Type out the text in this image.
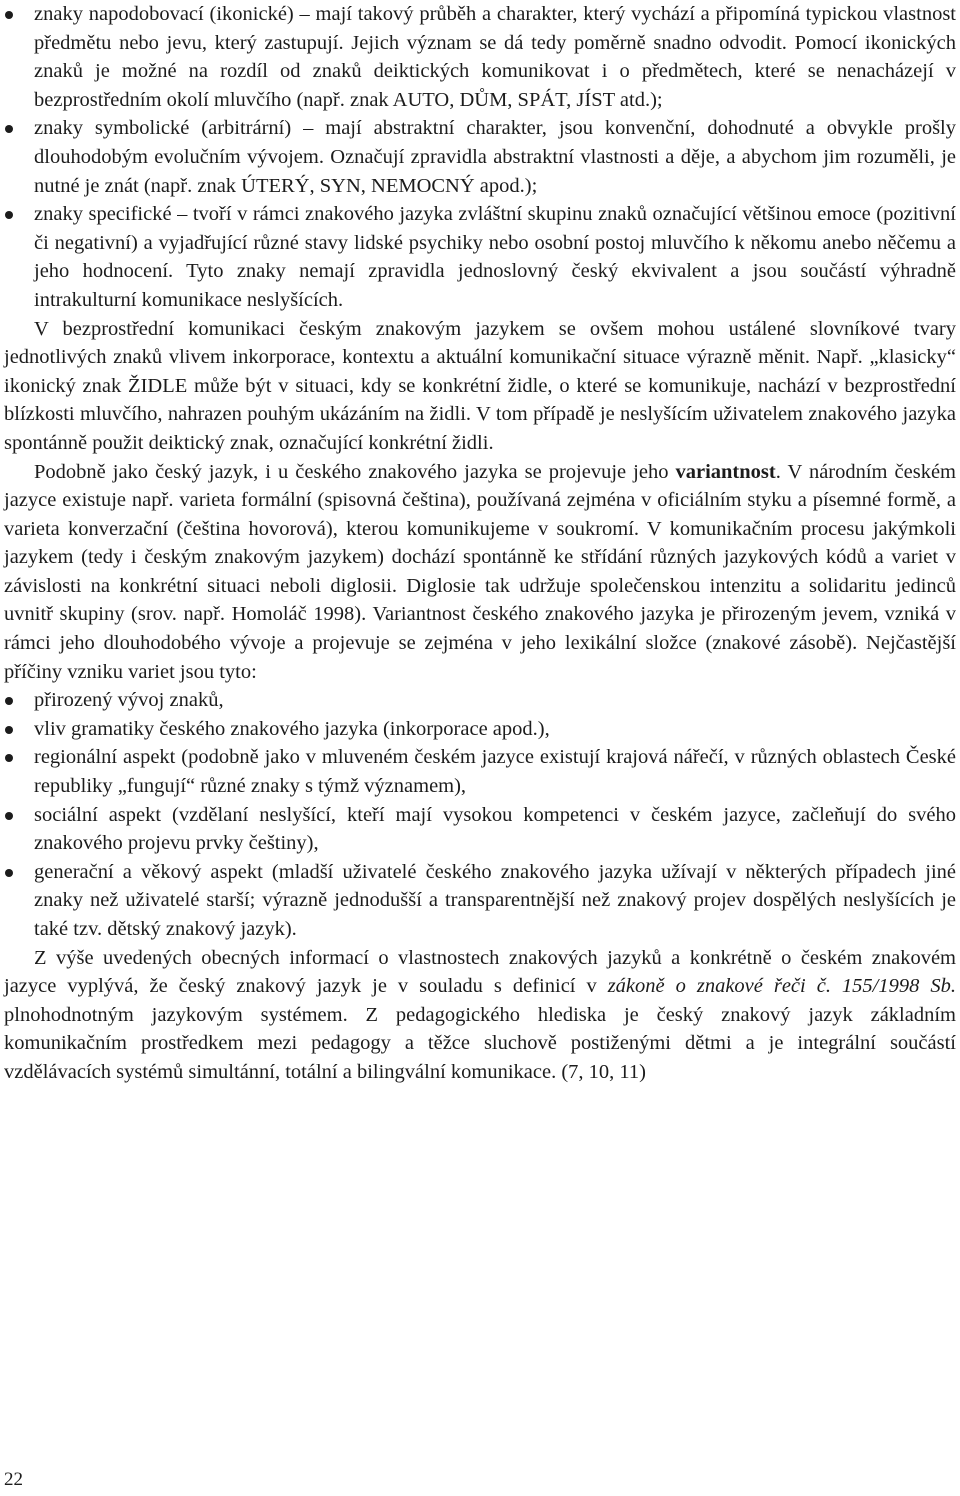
znaky napodobovací (ikonické) – mají takový průběh a charakter, který vychází a připomíná typickou vlastnost předmětu nebo jevu, který zastupují. Jejich význam se dá tedy poměrně snadno odvodit. Pomocí ikonických znaků je možné na rozdíl od znaků deiktických komunikovat i o předmětech, které se nenacházejí v bezprostředním okolí mluvčího (např. znak AUTO, DŮM, SPÁT, JÍST atd.);

znaky symbolické (arbitrární) – mají abstraktní charakter, jsou konvenční, dohodnuté a obvykle prošly dlouhodobým evolučním vývojem. Označují zpravidla abstraktní vlastnosti a děje, a abychom jim rozuměli, je nutné je znát (např. znak ÚTERÝ, SYN, NEMOCNÝ apod.);

znaky specifické – tvoří v rámci znakového jazyka zvláštní skupinu znaků označující většinou emoce (pozitivní či negativní) a vyjadřující různé stavy lidské psychiky nebo osobní postoj mluvčího k někomu anebo něčemu a jeho hodnocení. Tyto znaky nemají zpravidla jednoslovný český ekvivalent a jsou součástí výhradně intrakulturní komunikace neslyšících.

V bezprostřední komunikaci českým znakovým jazykem se ovšem mohou ustálené slovníkové tvary jednotlivých znaků vlivem inkorporace, kontextu a aktuální komunikační situace výrazně měnit. Např. „klasicky“ ikonický znak ŽIDLE může být v situaci, kdy se konkrétní židle, o které se komunikuje, nachází v bezprostřední blízkosti mluvčího, nahrazen pouhým ukázáním na židli. V tom případě je neslyšícím uživatelem znakového jazyka spontánně použit deiktický znak, označující konkrétní židli.

Podobně jako český jazyk, i u českého znakového jazyka se projevuje jeho variantnost. V národním českém jazyce existuje např. varieta formální (spisovná čeština), používaná zejména v oficiálním styku a písemné formě, a varieta konverzační (čeština hovorová), kterou komunikujeme v soukromí. V komunikačním procesu jakýmkoli jazykem (tedy i českým znakovým jazykem) dochází spontánně ke střídání různých jazykových kódů a variet v závislosti na konkrétní situaci neboli diglosii. Diglosie tak udržuje společenskou intenzitu a solidaritu jedinců uvnitř skupiny (srov. např. Homoláč 1998). Variantnost českého znakového jazyka je přirozeným jevem, vzniká v rámci jeho dlouhodobého vývoje a projevuje se zejména v jeho lexikální složce (znakové zásobě). Nejčastější příčiny vzniku variet jsou tyto:

přirozený vývoj znaků,

vliv gramatiky českého znakového jazyka (inkorporace apod.),

regionální aspekt (podobně jako v mluveném českém jazyce existují krajová nářečí, v různých oblastech České republiky „fungují“ různé znaky s týmž významem),

sociální aspekt (vzdělaní neslyšící, kteří mají vysokou kompetenci v českém jazyce, začleňují do svého znakového projevu prvky češtiny),

generační a věkový aspekt (mladší uživatelé českého znakového jazyka užívají v některých případech jiné znaky než uživatelé starší; výrazně jednodušší a transparentnější než znakový projev dospělých neslyšících je také tzv. dětský znakový jazyk).

Z výše uvedených obecných informací o vlastnostech znakových jazyků a konkrétně o českém znakovém jazyce vyplývá, že český znakový jazyk je v souladu s definicí v zákoně o znakové řeči č. 155/1998 Sb. plnohodnotným jazykovým systémem. Z pedagogického hlediska je český znakový jazyk základním komunikačním prostředkem mezi pedagogy a těžce sluchově postiženými dětmi a je integrální součástí vzdělávacích systémů simultánní, totální a bilingvální komunikace. (7, 10, 11)

22
